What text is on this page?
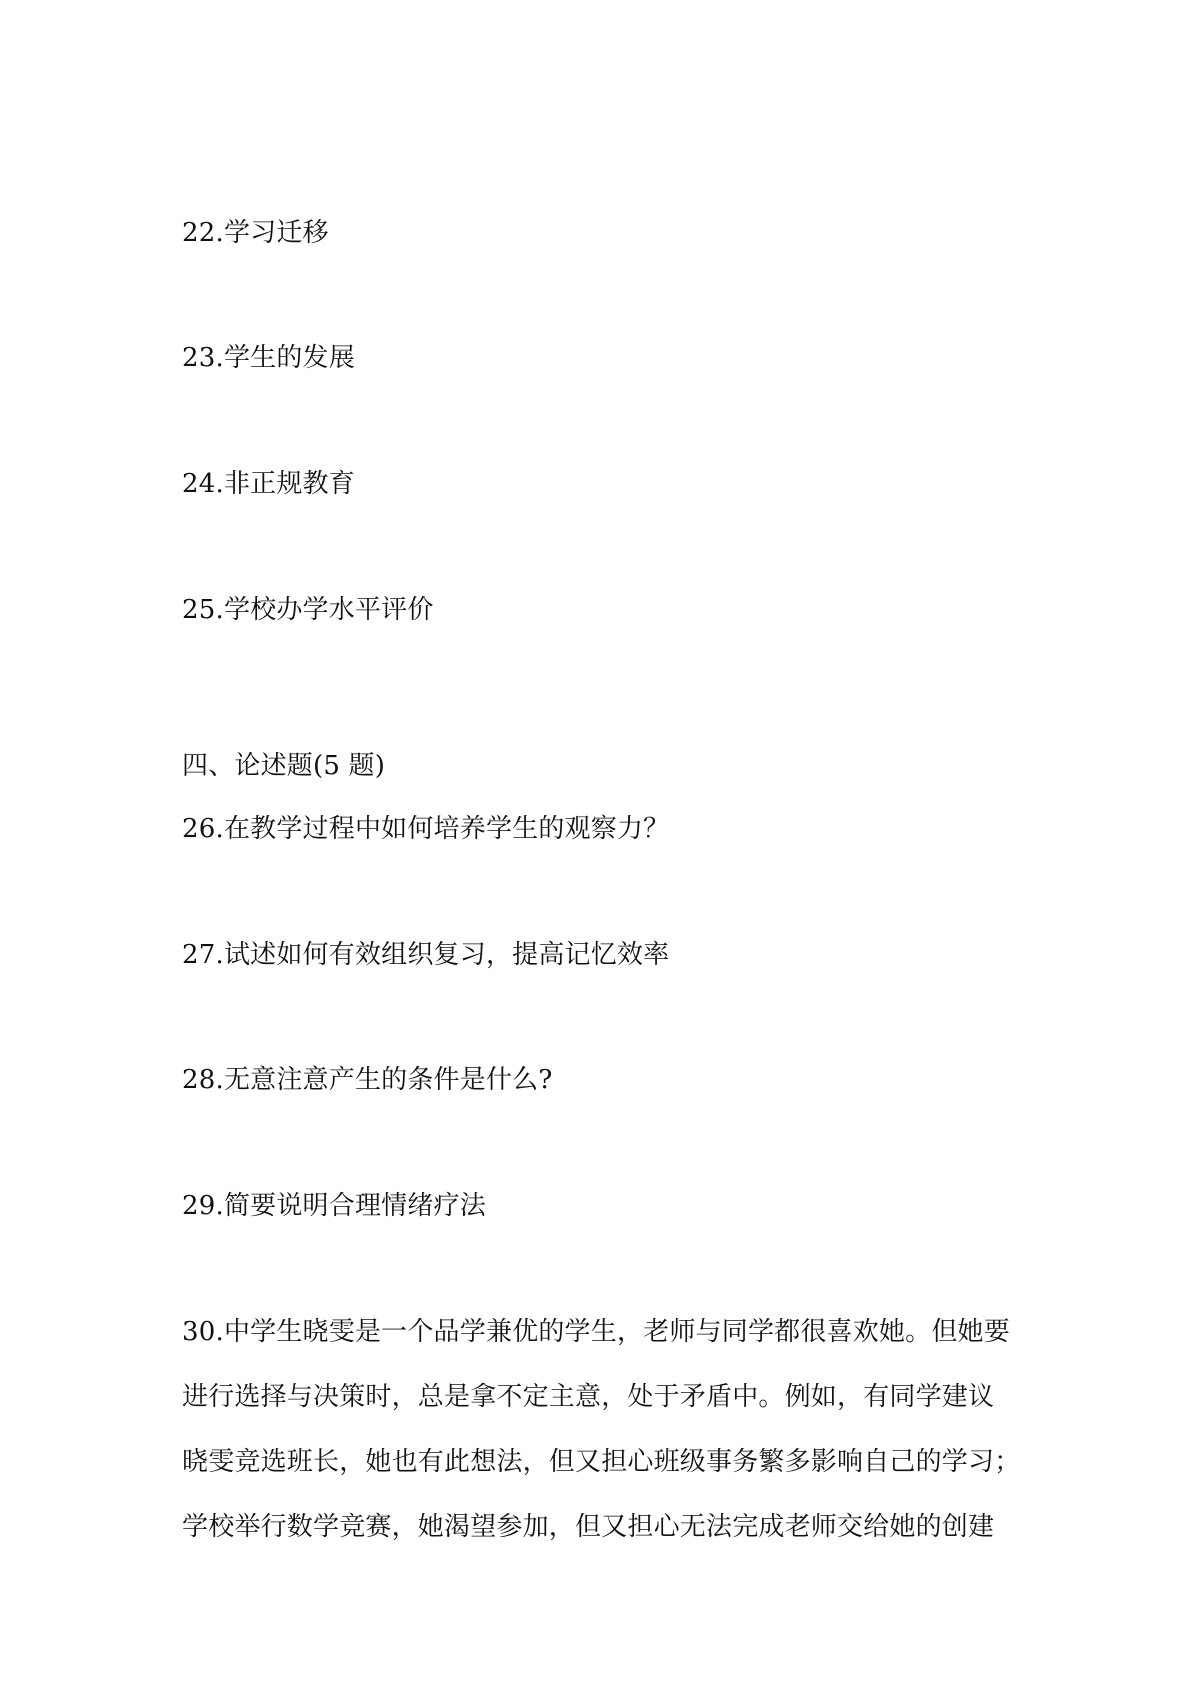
22.学习迁移
23.学生的发展
24.非正规教育
25.学校办学水平评价
四、论述题(5 题)
26.在教学过程中如何培养学生的观察力？
27.试述如何有效组织复习，提高记忆效率
28.无意注意产生的条件是什么?
29.简要说明合理情绪疗法
30.中学生晓雯是一个品学兼优的学生，老师与同学都很喜欢她。但她要
进行选择与决策时，总是拿不定主意，处于矛盾中。例如，有同学建议
晓雯竞选班长，她也有此想法，但又担心班级事务繁多影响自己的学习；
学校举行数学竞赛，她渴望参加，但又担心无法完成老师交给她的创建
